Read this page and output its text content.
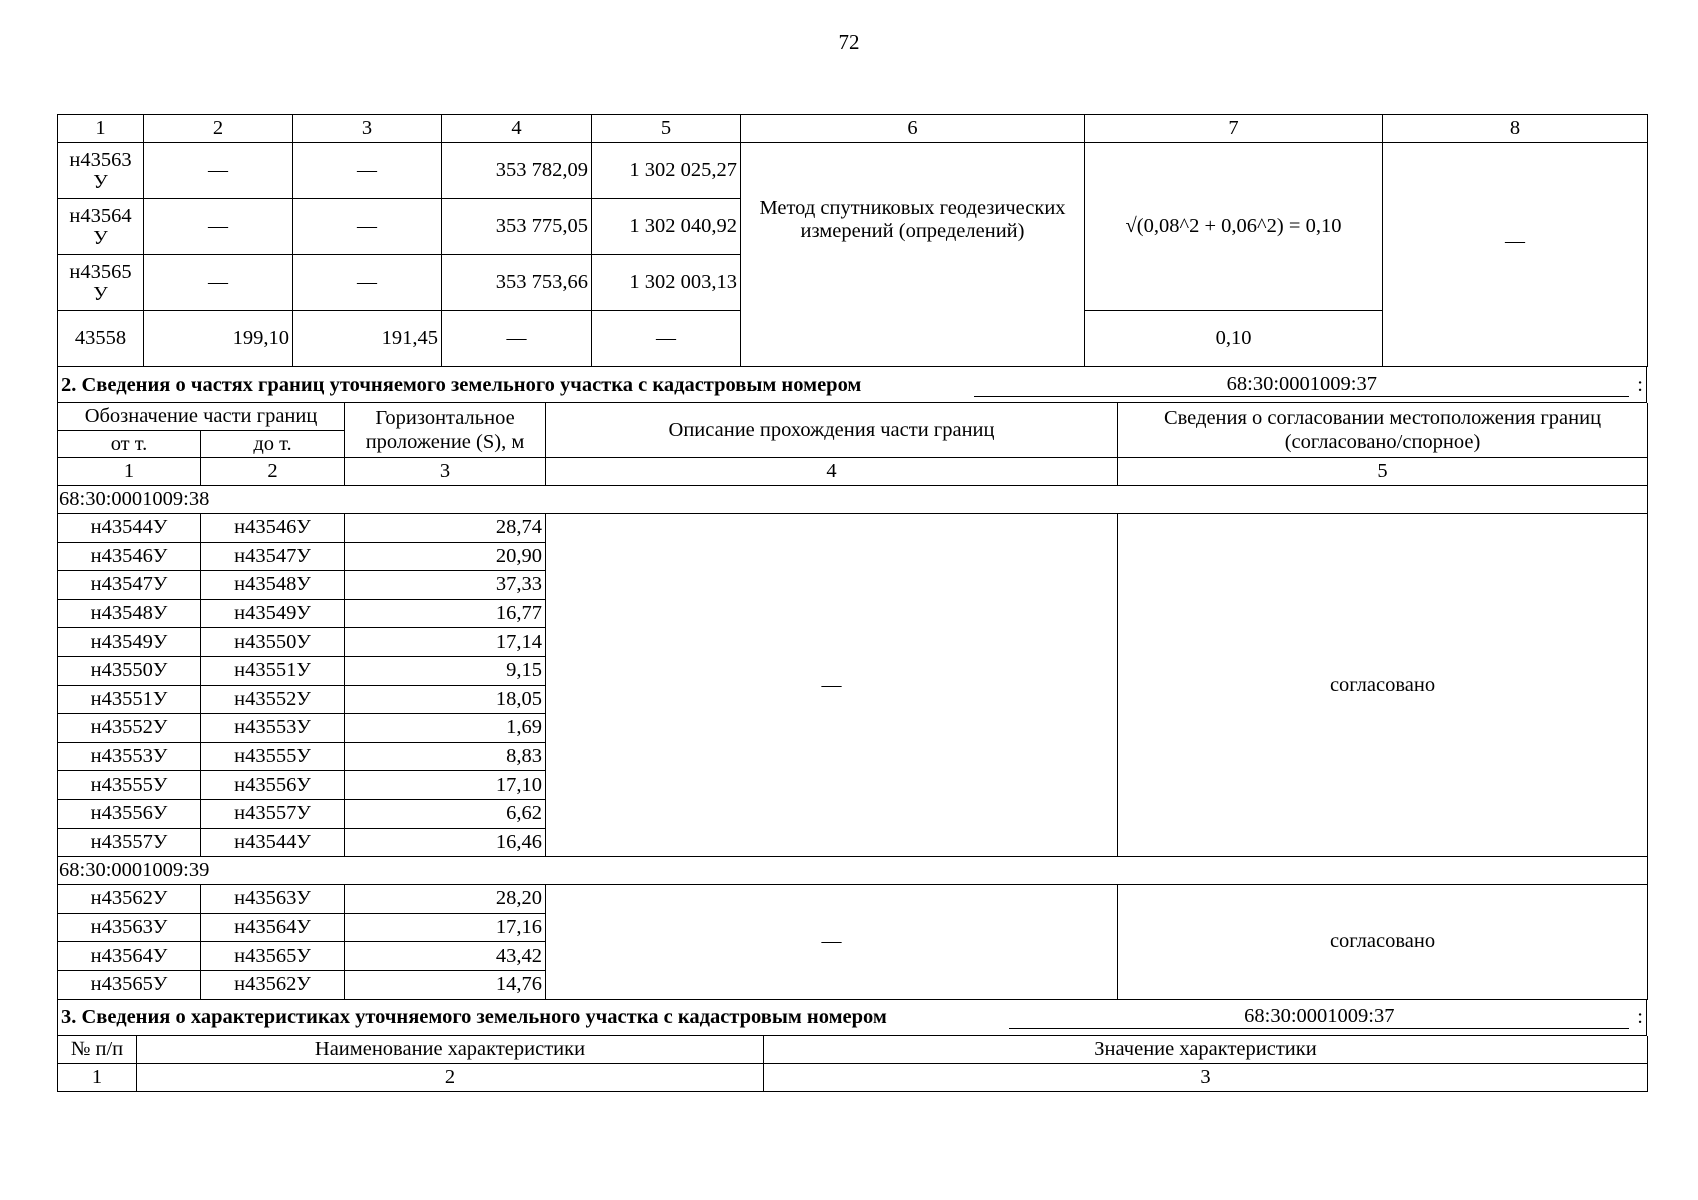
72
1	2	3	4	5	6	7	8
н43563 У	—	—	353 782,09	1 302 025,27	Метод спутниковых геодезических измерений (определений)	√(0,08^2 + 0,06^2) = 0,10	—

н43564 У	—	—	353 775,05	1 302 040,92			
н43565 У	—	—	353 753,66	1 302 003,13			
43558	199,10	191,45	—	—		0,10	
2. Сведения о частях границ уточняемого земельного участка с кадастровым номером	68:30:0001009:37	:
Обозначение части границ		Горизонтальное проложение (S), м	Описание прохождения части границ	Сведения о согласовании местоположения границ (согласовано/спорное)
от т.	до т.			
1	2	3	4	5
68:30:0001009:38				
н43544У	н43546У	28,74	—	согласовано
н43546У	н43547У	20,90		
н43547У	н43548У	37,33		
н43548У	н43549У	16,77		
н43549У	н43550У	17,14		
н43550У	н43551У	9,15		
н43551У	н43552У	18,05		
н43552У	н43553У	1,69		
н43553У	н43555У	8,83		
н43555У	н43556У	17,10		
н43556У	н43557У	6,62		
н43557У	н43544У	16,46		
68:30:0001009:39				
н43562У	н43563У	28,20	—	согласовано
н43563У	н43564У	17,16		
н43564У	н43565У	43,42		
н43565У	н43562У	14,76		
3. Сведения о характеристиках уточняемого земельного участка с кадастровым номером	68:30:0001009:37	:
№ п/п	Наименование характеристики	Значение характеристики
1	2	3
